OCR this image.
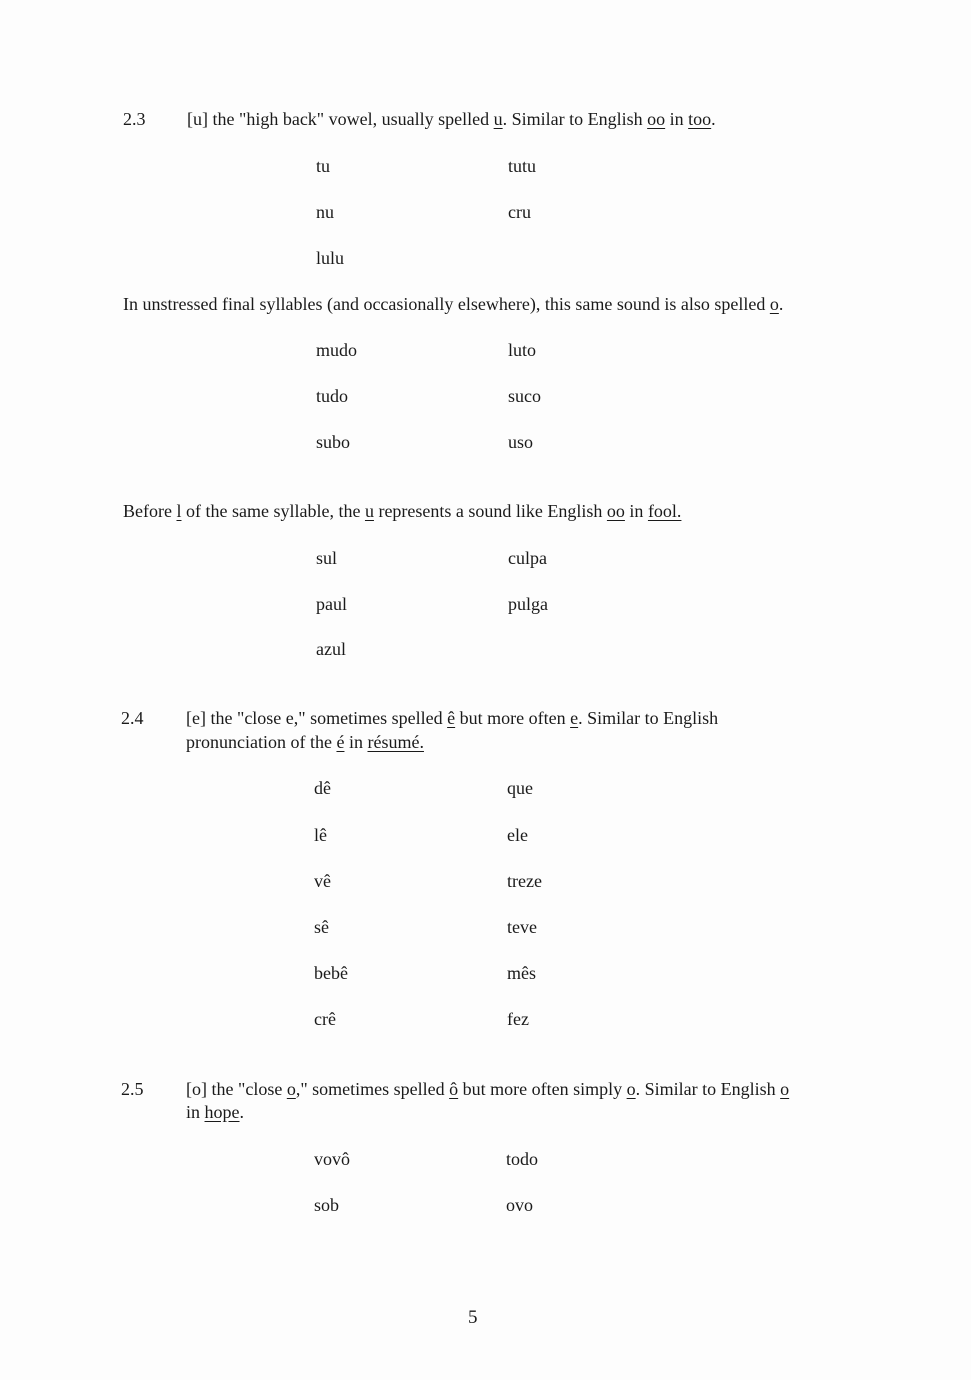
2.3	[u] the "high back" vowel, usually spelled u. Similar to English oo in too.
tu	tutu
nu	cru
lulu
In unstressed final syllables (and occasionally elsewhere), this same sound is also spelled o.
mudo	luto
tudo	suco
subo	uso
Before l of the same syllable, the u represents a sound like English oo in fool.
sul	culpa
paul	pulga
azul
2.4	[e] the "close e," sometimes spelled ê but more often e. Similar to English
pronunciation of the é in résumé.
dê	que
lê	ele
vê	treze
sê	teve
bebê	mês
crê	fez
2.5	[o] the "close o," sometimes spelled ô but more often simply o. Similar to English o
in hope.
vovô	todo
sob	ovo
5
